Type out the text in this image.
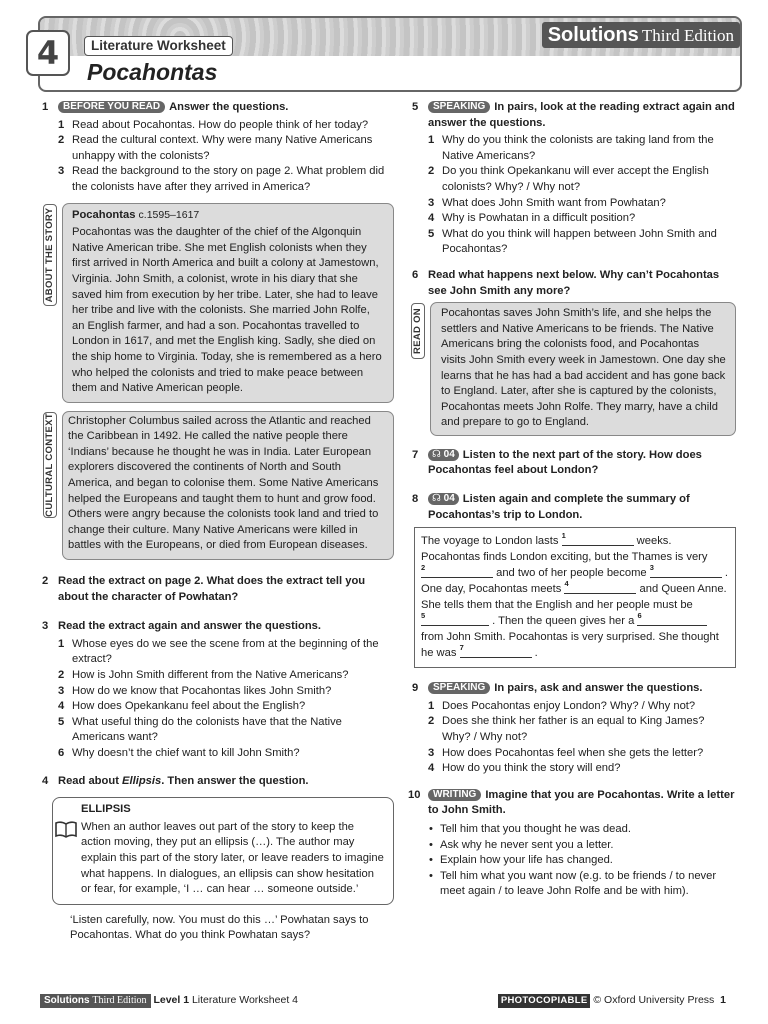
4	Literature Worksheet
Pocahontas
Solutions Third Edition
1 BEFORE YOU READ Answer the questions.
1 Read about Pocahontas. How do people think of her today?
2 Read the cultural context. Why were many Native Americans unhappy with the colonists?
3 Read the background to the story on page 2. What problem did the colonists have after they arrived in America?
ABOUT THE STORY Pocahontas c.1595–1617
Pocahontas was the daughter of the chief of the Algonquin Native American tribe. She met English colonists when they first arrived in North America and built a colony at Jamestown, Virginia. John Smith, a colonist, wrote in his diary that she saved him from execution by her tribe. Later, she had to leave her tribe and live with the colonists. She married John Rolfe, an English farmer, and had a son. Pocahontas travelled to London in 1617, and met the English king. Sadly, she died on the ship home to Virginia. Today, she is remembered as a hero who helped the colonists and tried to make peace between them and Native American people.
CULTURAL CONTEXT Christopher Columbus sailed across the Atlantic and reached the Caribbean in 1492. He called the native people there ‘Indians’ because he thought he was in India. Later European explorers discovered the continents of North and South America, and began to colonise them. Some Native Americans helped the Europeans and taught them to hunt and grow food. Others were angry because the colonists took land and tried to change their culture. Many Native Americans were killed in battles with the Europeans, or died from European diseases.
2 Read the extract on page 2. What does the extract tell you about the character of Powhatan?
3 Read the extract again and answer the questions.
1 Whose eyes do we see the scene from at the beginning of the extract?
2 How is John Smith different from the Native Americans?
3 How do we know that Pocahontas likes John Smith?
4 How does Opekankanu feel about the English?
5 What useful thing do the colonists have that the Native Americans want?
6 Why doesn’t the chief want to kill John Smith?
4 Read about Ellipsis. Then answer the question.
ELLIPSIS
When an author leaves out part of the story to keep the action moving, they put an ellipsis (…). The author may explain this part of the story later, or leave readers to imagine what happens. In dialogues, an ellipsis can show hesitation or fear, for example, ‘I … can hear … someone outside.’
‘Listen carefully, now. You must do this …’ Powhatan says to Pocahontas. What do you think Powhatan says?
5 SPEAKING In pairs, look at the reading extract again and answer the questions.
1 Why do you think the colonists are taking land from the Native Americans?
2 Do you think Opekankanu will ever accept the English colonists? Why? / Why not?
3 What does John Smith want from Powhatan?
4 Why is Powhatan in a difficult position?
5 What do you think will happen between John Smith and Pocahontas?
6 Read what happens next below. Why can’t Pocahontas see John Smith any more?
READ ON Pocahontas saves John Smith’s life, and she helps the settlers and Native Americans to be friends. The Native Americans bring the colonists food, and Pocahontas visits John Smith every week in Jamestown. One day she learns that he has had a bad accident and has gone back to England. Later, after she is captured by the colonists, Pocahontas meets John Rolfe. They marry, have a child and prepare to go to England.
7 ☊ 04 Listen to the next part of the story. How does Pocahontas feel about London?
8 ☊ 04 Listen again and complete the summary of Pocahontas’s trip to London.
The voyage to London lasts 1	weeks. Pocahontas finds London exciting, but the Thames is very
2	and two of her people become 3	. One day, Pocahontas meets 4	and Queen Anne. She tells them that the English and her people must be
5	. Then the queen gives her a 6
from John Smith. Pocahontas is very surprised. She thought he was 7	.
9 SPEAKING In pairs, ask and answer the questions.
1 Does Pocahontas enjoy London? Why? / Why not?
2 Does she think her father is an equal to King James? Why? / Why not?
3 How does Pocahontas feel when she gets the letter?
4 How do you think the story will end?
10 WRITING Imagine that you are Pocahontas. Write a letter to John Smith.
• Tell him that you thought he was dead.
• Ask why he never sent you a letter.
• Explain how your life has changed.
• Tell him what you want now (e.g. to be friends / to never meet again / to leave John Rolfe and be with him).
Solutions Third Edition Level 1 Literature Worksheet 4	PHOTOCOPIABLE © Oxford University Press 1
